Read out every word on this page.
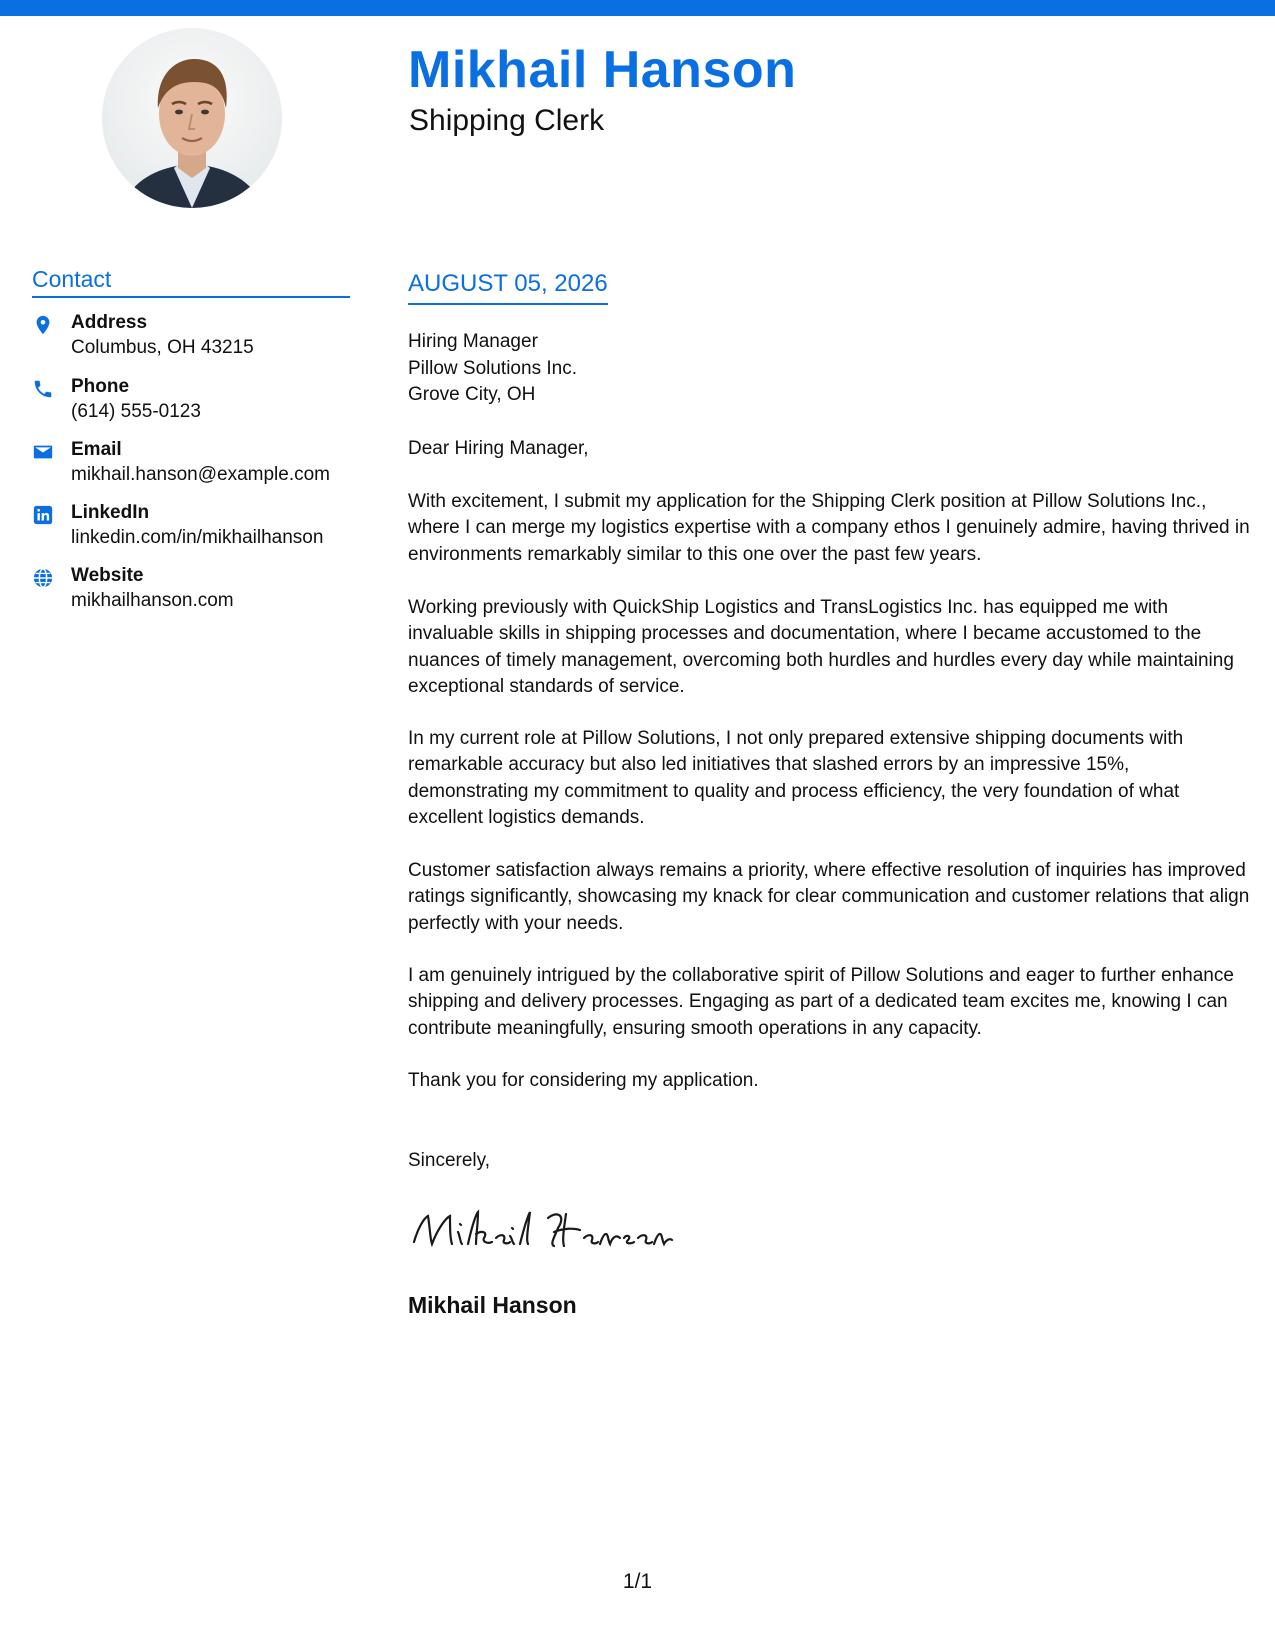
Mikhail Hanson
Shipping Clerk
Contact
Address
Columbus, OH 43215
Phone
(614) 555-0123
Email
mikhail.hanson@example.com
LinkedIn
linkedin.com/in/mikhailhanson
Website
mikhailhanson.com
AUGUST 05, 2026
Hiring Manager
Pillow Solutions Inc.
Grove City, OH
Dear Hiring Manager,
With excitement, I submit my application for the Shipping Clerk position at Pillow Solutions Inc., where I can merge my logistics expertise with a company ethos I genuinely admire, having thrived in environments remarkably similar to this one over the past few years.
Working previously with QuickShip Logistics and TransLogistics Inc. has equipped me with invaluable skills in shipping processes and documentation, where I became accustomed to the nuances of timely management, overcoming both hurdles and hurdles every day while maintaining exceptional standards of service.
In my current role at Pillow Solutions, I not only prepared extensive shipping documents with remarkable accuracy but also led initiatives that slashed errors by an impressive 15%, demonstrating my commitment to quality and process efficiency, the very foundation of what excellent logistics demands.
Customer satisfaction always remains a priority, where effective resolution of inquiries has improved ratings significantly, showcasing my knack for clear communication and customer relations that align perfectly with your needs.
I am genuinely intrigued by the collaborative spirit of Pillow Solutions and eager to further enhance shipping and delivery processes. Engaging as part of a dedicated team excites me, knowing I can contribute meaningfully, ensuring smooth operations in any capacity.
Thank you for considering my application.
Sincerely,
Mikhail Hanson
1/1
